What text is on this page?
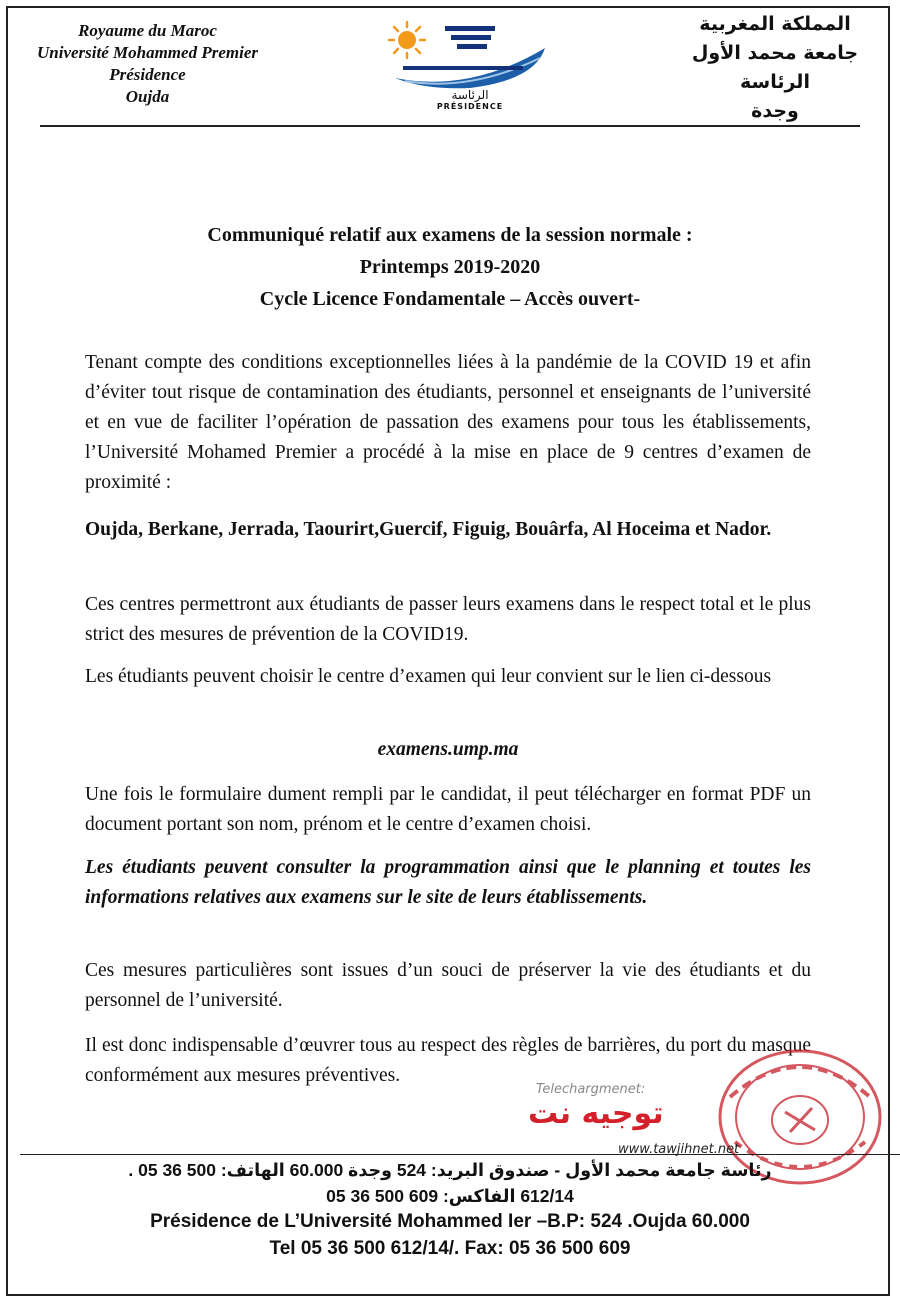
Royaume du Maroc
Université Mohammed Premier
Présidence
Oujda	الرئاسة
PRÉSIDENCE
المملكة المغربية
جامعة محمد الأول
الرئاسة
وجدة
Communiqué relatif aux examens de la session normale :
Printemps 2019-2020
Cycle Licence Fondamentale – Accès ouvert-

Tenant compte des conditions exceptionnelles liées à la pandémie de la COVID 19 et afin d’éviter tout risque de contamination des étudiants, personnel et enseignants de l’université et en vue de faciliter l’opération de passation des examens pour tous les établissements, l’Université Mohamed Premier a procédé à la mise en place de 9 centres d’examen de proximité :

Oujda, Berkane, Jerrada, Taourirt,Guercif, Figuig, Bouârfa, Al Hoceima et Nador.

Ces centres permettront aux étudiants de passer leurs examens dans le respect total et le plus strict des mesures de prévention de la COVID19.

Les étudiants peuvent choisir le centre d’examen qui leur convient sur le lien ci-dessous

examens.ump.ma

Une fois le formulaire dument rempli par le candidat, il peut télécharger en format PDF un document portant son nom, prénom et le centre d’examen choisi.

Les étudiants peuvent consulter la programmation ainsi que le planning et toutes les informations relatives aux examens sur le site de leurs établissements.

Ces mesures particulières sont issues d’un souci de préserver la vie des étudiants et du personnel de l’université.

Il est donc indispensable d’œuvrer tous au respect des règles de barrières, du port du masque conformément aux mesures préventives.

Telechargmenet:
توجيه نت
www.tawjihnet.net
رئاسة جامعة محمد الأول - صندوق البريد: 524 وجدة 60.000 الهاتف: 500 36 05 .
612/14 الفاكس: 609 500 36 05
Présidence de L’Université Mohammed Ier –B.P: 524 .Oujda 60.000
Tel 05 36 500 612/14/. Fax: 05 36 500 609
